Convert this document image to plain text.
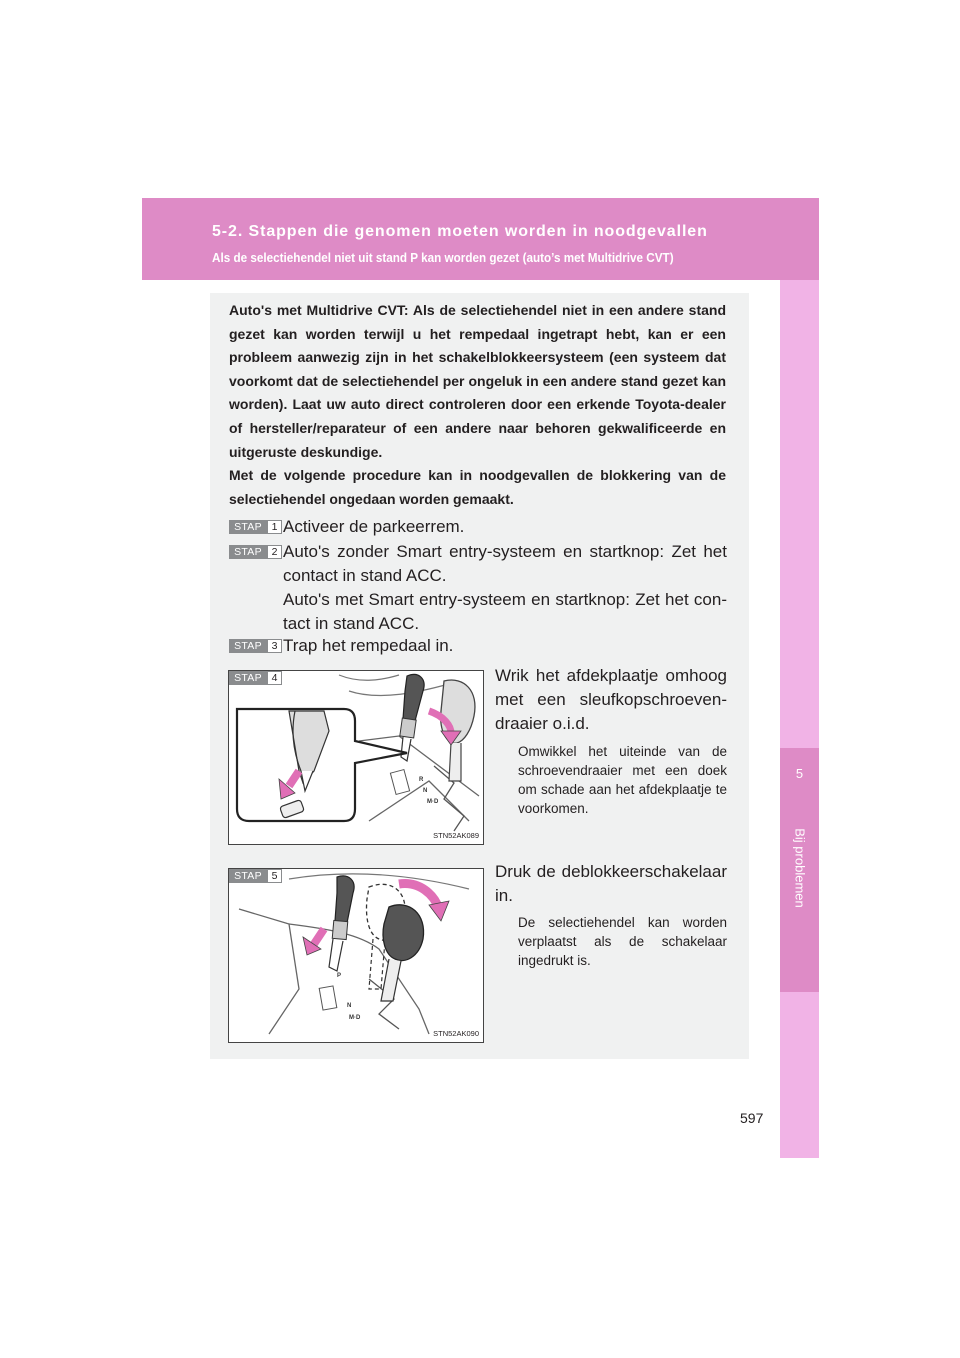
5-2. Stappen die genomen moeten worden in noodgevallen
Als de selectiehendel niet uit stand P kan worden gezet (auto’s met Multidrive CVT)
5
Bij problemen
597

Auto's met Multidrive CVT: Als de selectiehendel niet in een andere stand gezet kan worden terwijl u het rempedaal ingetrapt hebt, kan er een probleem aanwezig zijn in het schakelblokkeersysteem (een systeem dat voorkomt dat de selectiehendel per ongeluk in een andere stand gezet kan worden). Laat uw auto direct controleren door een erkende Toyota-dealer of hersteller/reparateur of een andere naar behoren gekwalificeerde en uitgeruste deskundige.
Met de volgende procedure kan in noodgevallen de blokkering van de selectiehendel ongedaan worden gemaakt.

STAP 1 Activeer de parkeerrem.
STAP 2 Auto's zonder Smart entry-systeem en startknop: Zet het contact in stand ACC.
Auto's met Smart entry-systeem en startknop: Zet het con-tact in stand ACC.
STAP 3 Trap het rempedaal in.
R
N
M·D
STAP 4
STN52AK089
Wrik het afdekplaatje omhoog met een sleufkopschroeven-draaier o.i.d.
Omwikkel het uiteinde van de schroevendraaier met een doek om schade aan het afdekplaatje te voorkomen.
P
N
M·D
STAP 5
STN52AK090
Druk de deblokkeerschakelaar in.
De selectiehendel kan worden verplaatst als de schakelaar ingedrukt is.
